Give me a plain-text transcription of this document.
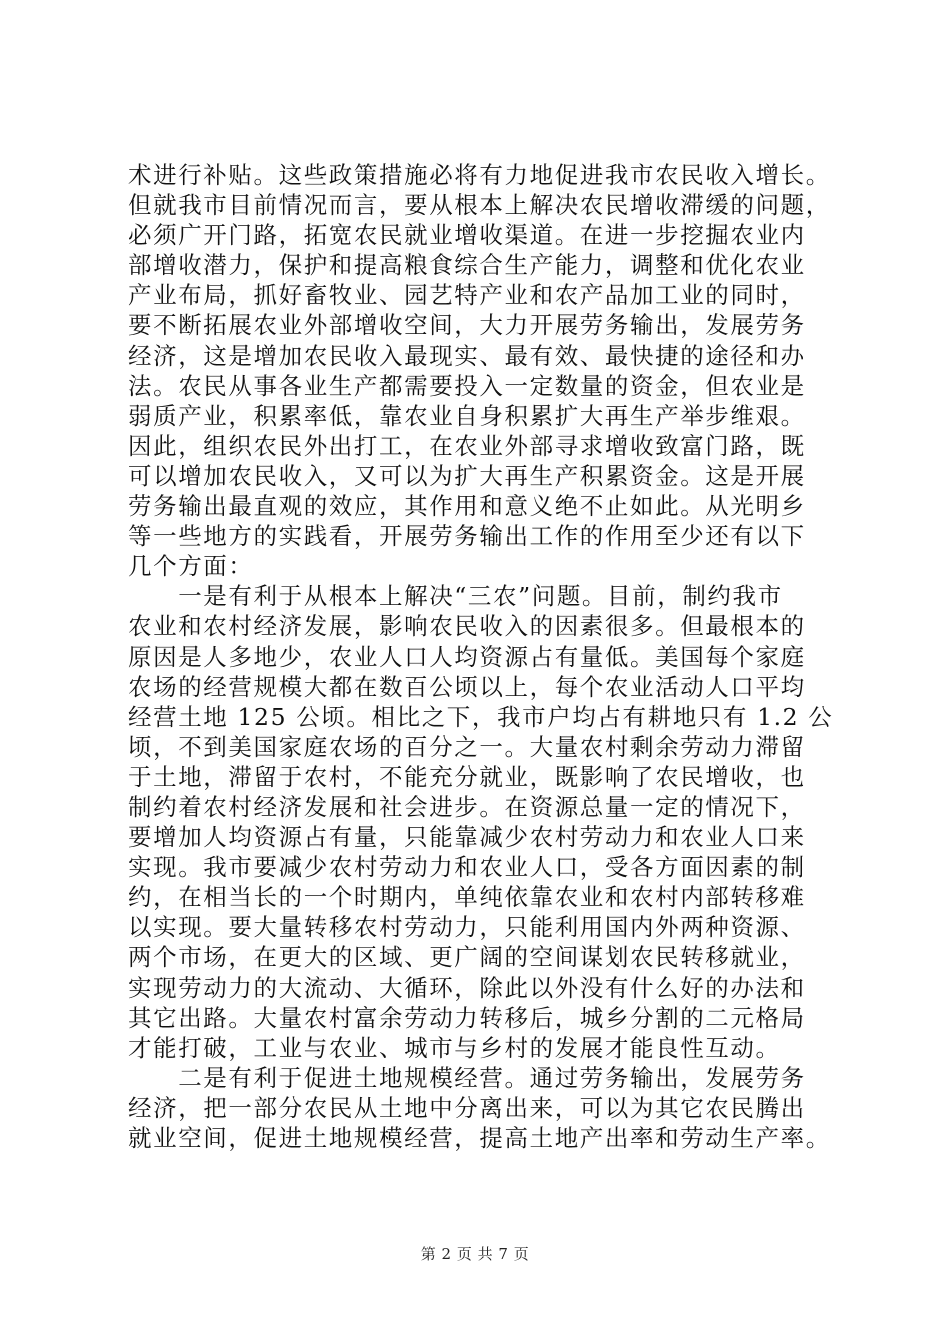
术进行补贴。这些政策措施必将有力地促进我市农民收入增长。
但就我市目前情况而言，要从根本上解决农民增收滞缓的问题，
必须广开门路，拓宽农民就业增收渠道。在进一步挖掘农业内
部增收潜力，保护和提高粮食综合生产能力，调整和优化农业
产业布局，抓好畜牧业、园艺特产业和农产品加工业的同时，
要不断拓展农业外部增收空间，大力开展劳务输出，发展劳务
经济，这是增加农民收入最现实、最有效、最快捷的途径和办
法。农民从事各业生产都需要投入一定数量的资金，但农业是
弱质产业，积累率低，靠农业自身积累扩大再生产举步维艰。
因此，组织农民外出打工，在农业外部寻求增收致富门路，既
可以增加农民收入，又可以为扩大再生产积累资金。这是开展
劳务输出最直观的效应，其作用和意义绝不止如此。从光明乡
等一些地方的实践看，开展劳务输出工作的作用至少还有以下
几个方面：
　　一是有利于从根本上解决“三农”问题。目前，制约我市
农业和农村经济发展，影响农民收入的因素很多。但最根本的
原因是人多地少，农业人口人均资源占有量低。美国每个家庭
农场的经营规模大都在数百公顷以上，每个农业活动人口平均
经营土地 125 公顷。相比之下，我市户均占有耕地只有 1.2 公
顷，不到美国家庭农场的百分之一。大量农村剩余劳动力滞留
于土地，滞留于农村，不能充分就业，既影响了农民增收，也
制约着农村经济发展和社会进步。在资源总量一定的情况下，
要增加人均资源占有量，只能靠减少农村劳动力和农业人口来
实现。我市要减少农村劳动力和农业人口，受各方面因素的制
约，在相当长的一个时期内，单纯依靠农业和农村内部转移难
以实现。要大量转移农村劳动力，只能利用国内外两种资源、
两个市场，在更大的区域、更广阔的空间谋划农民转移就业，
实现劳动力的大流动、大循环，除此以外没有什么好的办法和
其它出路。大量农村富余劳动力转移后，城乡分割的二元格局
才能打破，工业与农业、城市与乡村的发展才能良性互动。
　　二是有利于促进土地规模经营。通过劳务输出，发展劳务
经济，把一部分农民从土地中分离出来，可以为其它农民腾出
就业空间，促进土地规模经营，提高土地产出率和劳动生产率。
第 2 页 共 7 页
